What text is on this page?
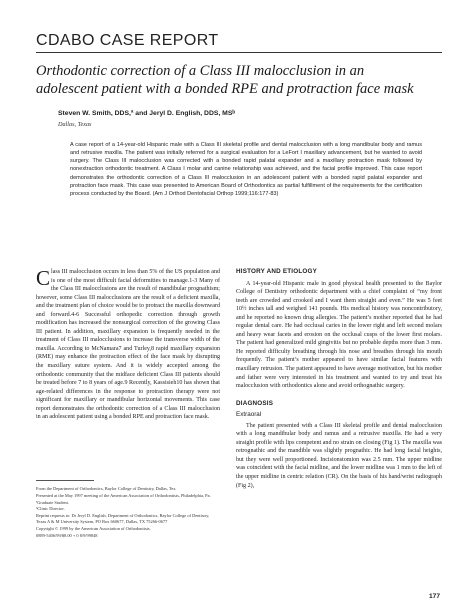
CDABO CASE REPORT
Orthodontic correction of a Class III malocclusion in an adolescent patient with a bonded RPE and protraction face mask
Steven W. Smith, DDS,ª and Jeryl D. English, DDS, MSᵇ
Dallas, Texas
A case report of a 14-year-old Hispanic male with a Class III skeletal profile and dental malocclusion with a long mandibular body and ramus and retrusive maxilla. The patient was initially referred for a surgical evaluation for a LeFort I maxillary advancement, but he wanted to avoid surgery. The Class III malocclusion was corrected with a bonded rapid palatal expander and a maxillary protraction mask followed by nonextraction orthodontic treatment. A Class I molar and canine relationship was achieved, and the facial profile improved. This case report demonstrates the orthodontic correction of a Class III malocclusion in an adolescent patient with a bonded rapid palatal expander and protraction face mask. This case was presented to American Board of Orthodontics as partial fulfillment of the requirements for the certification process conducted by the Board. (Am J Orthod Dentofacial Orthop 1999;116:177-83)

Class III malocclusion occurs in less than 5% of the US population and is one of the most difficult facial deformities to manage.1-3 Many of the Class III malocclusions are the result of mandibular prognathism; however, some Class III malocclusions are the result of a deficient maxilla, and the treatment plan of choice would be to protract the maxilla downward and forward.4-6 Successful orthopedic correction through growth modification has increased the nonsurgical correction of the growing Class III patient. In addition, maxillary expansion is frequently needed in the treatment of Class III malocclusions to increase the transverse width of the maxilla. According to McNamara7 and Turley,8 rapid maxillary expansion (RME) may enhance the protraction effect of the face mask by disrupting the maxillary suture system. And it is widely accepted among the orthodontic community that the midface deficient Class III patients should be treated before 7 to 8 years of age.9 Recently, Kassisieh10 has shown that age-related differences in the response to protraction therapy were not significant for maxillary or mandibular horizontal movements. This case report demonstrates the orthodontic correction of a Class III malocclusion in an adolescent patient using a bonded RPE and protraction face mask.

HISTORY AND ETIOLOGY

A 14-year-old Hispanic male in good physical health presented to the Baylor College of Dentistry orthodontic department with a chief complaint of “my front teeth are crowded and crooked and I want them straight and even.” He was 5 feet 10½ inches tall and weighed 141 pounds. His medical history was noncontributory, and he reported no known drug allergies. The patient’s mother reported that he had regular dental care. He had occlusal caries in the lower right and left second molars and heavy wear facets and erosion on the occlusal cusps of the lower first molars. The patient had generalized mild gingivitis but no probable depths more than 3 mm. He reported difficulty breathing through his nose and breathes through his mouth frequently. The patient’s mother appeared to have similar facial features with maxillary retrusion. The patient appeared to have average motivation, but his mother and father were very interested in his treatment and wanted to try and treat his malocclusion with orthodontics alone and avoid orthognathic surgery.

DIAGNOSIS
Extraoral

The patient presented with a Class III skeletal profile and dental malocclusion with a long mandibular body and ramus and a retrusive maxilla. He had a very straight profile with lips competent and no strain on closing (Fig 1). The maxilla was retrognathic and the mandible was slightly prognathic. He had long facial heights, but they were well proportioned. Incisionstomion was 2.5 mm. The upper midline was coincident with the facial midline, and the lower midline was 1 mm to the left of the upper midline in centric relation (CR). On the basis of his hand/wrist radiograph (Fig 2),

From the Department of Orthodontics, Baylor College of Dentistry, Dallas, Tex.

Presented at the May 1997 meeting of the American Association of Orthodontists, Philadelphia, Pa.

ªGraduate Student.

ᵇClinic Director.

Reprint requests to: Dr Jeryl D. English, Department of Orthodontics, Baylor College of Dentistry, Texas A & M University System, PO Box 660677, Dallas, TX 75266-0677

Copyright © 1999 by the American Association of Orthodontists.

0889-5406/99/$8.00 + 0 8/9/99848

177
